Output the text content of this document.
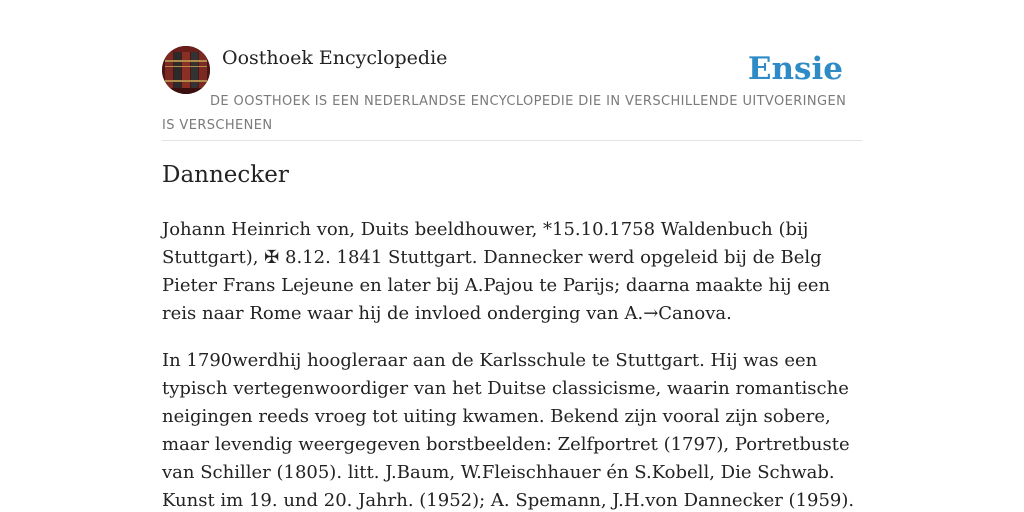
Oosthoek Encyclopedie	Ensie
DE OOSTHOEK IS EEN NEDERLANDSE ENCYCLOPEDIE DIE IN VERSCHILLENDE UITVOERINGEN IS VERSCHENEN
Dannecker

Johann Heinrich von, Duits beeldhouwer, *15.10.1758 Waldenbuch (bij Stuttgart), ✠ 8.12. 1841 Stuttgart. Dannecker werd opgeleid bij de Belg Pieter Frans Lejeune en later bij A.Pajou te Parijs; daarna maakte hij een reis naar Rome waar hij de invloed onderging van A.→Canova.

In 1790werdhij hoogleraar aan de Karlsschule te Stuttgart. Hij was een typisch vertegenwoordiger van het Duitse classicisme, waarin romantische neigingen reeds vroeg tot uiting kwamen. Bekend zijn vooral zijn sobere, maar levendig weergegeven borstbeelden: Zelfportret (1797), Portretbuste van Schiller (1805). litt. J.Baum, W.Fleischhauer én S.Kobell, Die Schwab. Kunst im 19. und 20. Jahrh. (1952); A. Spemann, J.H.von Dannecker (1959).
